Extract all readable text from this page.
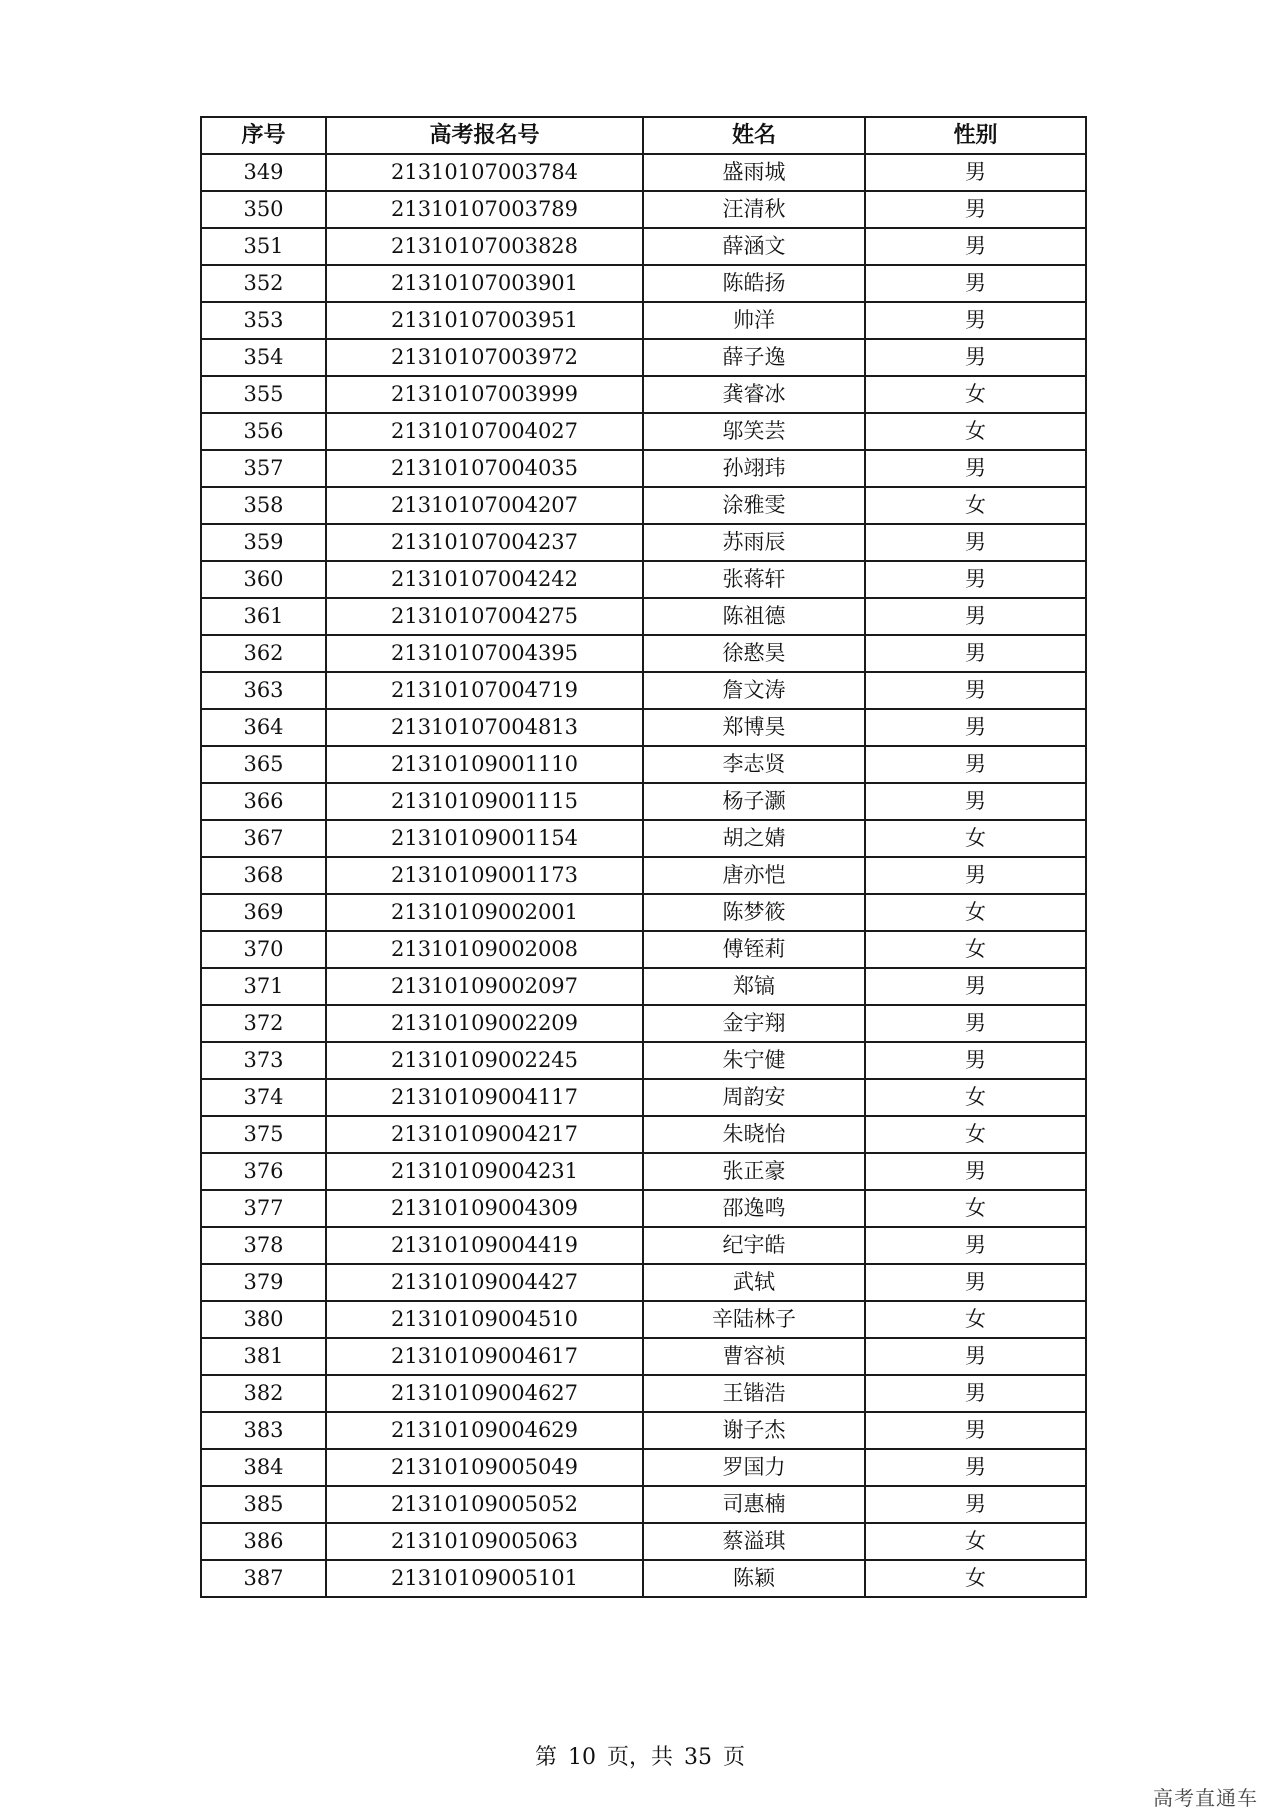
序号	高考报名号	姓名	性别
349	21310107003784	盛雨城	男
350	21310107003789	汪清秋	男
351	21310107003828	薛涵文	男
352	21310107003901	陈皓扬	男
353	21310107003951	帅洋	男
354	21310107003972	薛子逸	男
355	21310107003999	龚睿冰	女
356	21310107004027	邬笑芸	女
357	21310107004035	孙翊玮	男
358	21310107004207	涂雅雯	女
359	21310107004237	苏雨辰	男
360	21310107004242	张蒋轩	男
361	21310107004275	陈祖德	男
362	21310107004395	徐憨昊	男
363	21310107004719	詹文涛	男
364	21310107004813	郑博昊	男
365	21310109001110	李志贤	男
366	21310109001115	杨子灏	男
367	21310109001154	胡之婧	女
368	21310109001173	唐亦恺	男
369	21310109002001	陈梦筱	女
370	21310109002008	傅铚莉	女
371	21310109002097	郑镐	男
372	21310109002209	金宇翔	男
373	21310109002245	朱宁健	男
374	21310109004117	周韵安	女
375	21310109004217	朱晓怡	女
376	21310109004231	张正豪	男
377	21310109004309	邵逸鸣	女
378	21310109004419	纪宇皓	男
379	21310109004427	武轼	男
380	21310109004510	辛陆林子	女
381	21310109004617	曹容祯	男
382	21310109004627	王锴浩	男
383	21310109004629	谢子杰	男
384	21310109005049	罗国力	男
385	21310109005052	司惠楠	男
386	21310109005063	蔡溢琪	女
387	21310109005101	陈颖	女
第 10 页，共 35 页
高考直通车
